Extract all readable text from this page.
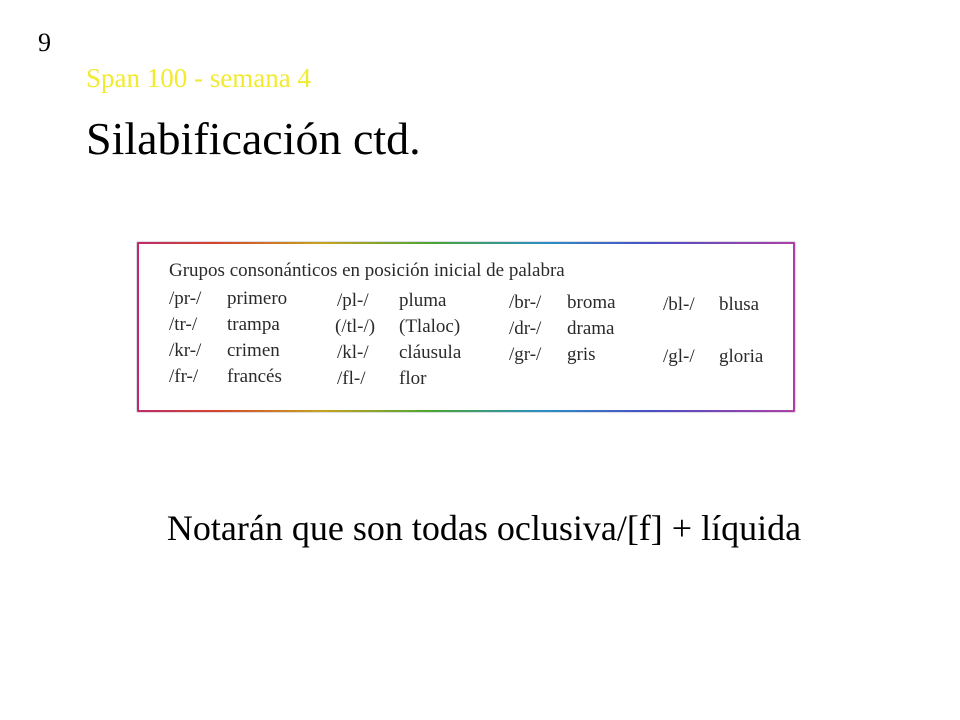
9
Span 100 - semana 4
Silabificación ctd.
Grupos consonánticos en posición inicial de palabra
/pr-/ primero
/tr-/ trampa
/kr-/ crimen
/fr-/ francés
/pl-/ pluma
(/tl-/) (Tlaloc)
/kl-/ cláusula
/fl-/ flor
/br-/ broma
/dr-/ drama
/gr-/ gris
/bl-/ blusa
/gl-/ gloria
Notarán que son todas oclusiva/[f] + líquida
